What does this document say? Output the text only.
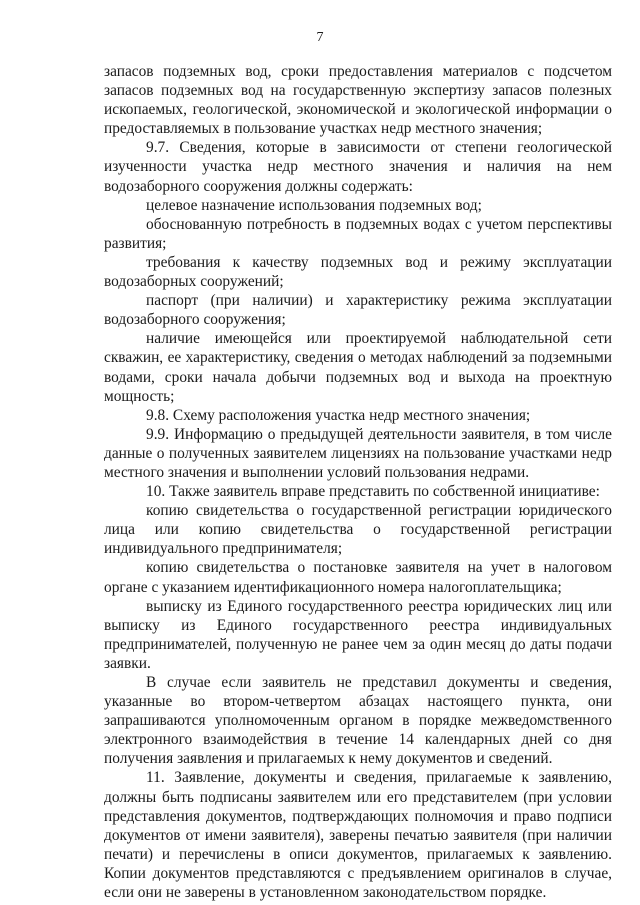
7

запасов подземных вод, сроки предоставления материалов с подсчетом запасов подземных вод на государственную экспертизу запасов полезных ископаемых, геологической, экономической и экологической информации о предоставляемых в пользование участках недр местного значения;

9.7. Сведения, которые в зависимости от степени геологической изученности участка недр местного значения и наличия на нем водозаборного сооружения должны содержать:

целевое назначение использования подземных вод;

обоснованную потребность в подземных водах с учетом перспективы развития;

требования к качеству подземных вод и режиму эксплуатации водозаборных сооружений;

паспорт (при наличии) и характеристику режима эксплуатации водозаборного сооружения;

наличие имеющейся или проектируемой наблюдательной сети скважин, ее характеристику, сведения о методах наблюдений за подземными водами, сроки начала добычи подземных вод и выхода на проектную мощность;

9.8. Схему расположения участка недр местного значения;

9.9. Информацию о предыдущей деятельности заявителя, в том числе данные о полученных заявителем лицензиях на пользование участками недр местного значения и выполнении условий пользования недрами.

10. Также заявитель вправе представить по собственной инициативе:

копию свидетельства о государственной регистрации юридического лица или копию свидетельства о государственной регистрации индивидуального предпринимателя;

копию свидетельства о постановке заявителя на учет в налоговом органе с указанием идентификационного номера налогоплательщика;

выписку из Единого государственного реестра юридических лиц или выписку из Единого государственного реестра индивидуальных предпринимателей, полученную не ранее чем за один месяц до даты подачи заявки.

В случае если заявитель не представил документы и сведения, указанные во втором-четвертом абзацах настоящего пункта, они запрашиваются уполномоченным органом в порядке межведомственного электронного взаимодействия в течение 14 календарных дней со дня получения заявления и прилагаемых к нему документов и сведений.

11. Заявление, документы и сведения, прилагаемые к заявлению, должны быть подписаны заявителем или его представителем (при условии представления документов, подтверждающих полномочия и право подписи документов от имени заявителя), заверены печатью заявителя (при наличии печати) и перечислены в описи документов, прилагаемых к заявлению. Копии документов представляются с предъявлением оригиналов в случае, если они не заверены в установленном законодательством порядке.
